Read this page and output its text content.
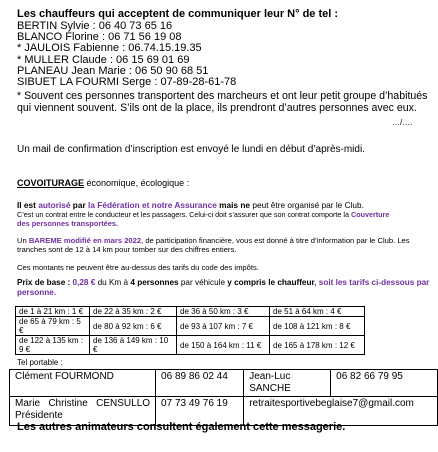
Les chauffeurs qui acceptent de communiquer leur N° de tel :
BERTIN Sylvie : 06 40 73 65 16
BLANCO Florine : 06 71 56 19 08
* JAULOIS Fabienne : 06.74.15.19.35
* MULLER Claude : 06 15 69 01 69
PLANEAU Jean Marie : 06 50 90 68 51
SIBUET LA FOURMI Serge : 07-89-28-61-78
* Souvent ces personnes transportent des marcheurs et ont leur petit groupe d’habitués
qui viennent souvent. S’ils ont de la place, ils prendront d’autres personnes avec eux.
…/….
Un mail de confirmation d’inscription est envoyé le lundi en début d’après-midi.
COVOITURAGE économique, écologique :
Il est autorisé par la Fédération et notre Assurance mais ne peut être organisé par le Club.
C’est un contrat entre le conducteur et les passagers. Celui-ci doit s’assurer que son contrat comporte la Couverture
des personnes transportées.
Un BAREME modifié en mars 2022, de participation financière, vous est donné à titre d’information par le Club. Les
tranches sont de 12 à 14 km pour tomber sur des chiffres entiers.
Ces montants ne peuvent être au-dessus des tarifs du code des impôts.
Prix de base : 0,28 € du Km à 4 personnes par véhicule y compris le chauffeur, soit les tarifs ci-dessous par
personne.
de 1 à 21 km : 1 €	de 22 à 35 km : 2 €	de 36 à 50 km : 3 €	de 51 à 64 km : 4 €
de 65 à 79 km : 5 €	de 80 à 92 km : 6 €	de 93 à 107 km : 7 €	de 108 à 121 km : 8 €
de 122 à 135 km : 9 €	de 136 à 149 km : 10 €	de 150 à 164 km : 11 €	de 165 à 178 km : 12 €
Tel portable :
Clément FOURMOND	06 89 86 02 44	Jean-Luc SANCHE	06 82 66 79 95

Marie   Christine   CENSULLO
Présidente	07 73 49 76 19	retraitesportivebeglaise7@gmail.com	
Les autres animateurs consultent également cette messagerie.
